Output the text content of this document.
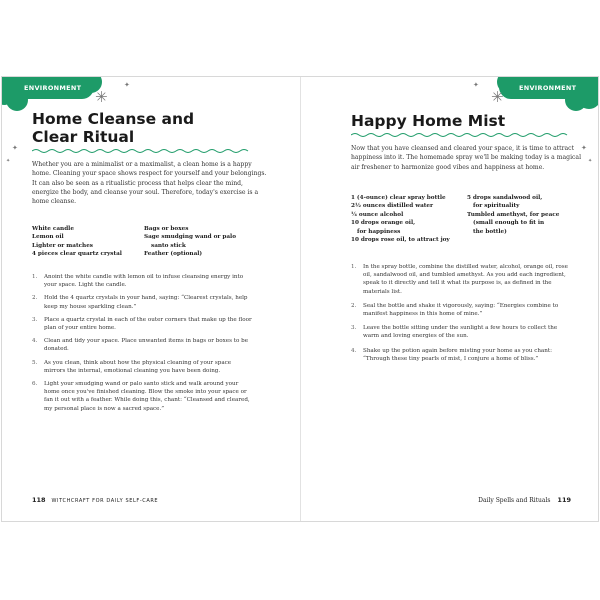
ENVIRONMENT ✳
✦
✦
✦
Home Cleanse and
Clear Ritual

Whether you are a minimalist or a maximalist, a clean home is a happy home. Cleaning your space shows respect for yourself and your belongings. It can also be seen as a ritualistic process that helps clear the mind, energize the body, and cleanse your soul. Therefore, today's exercise is a home cleanse.

White candle	Bags or boxes
Lemon oil	Sage smudging wand or palo
Lighter or matches	santo stick
4 pieces clear quartz crystal	Feather (optional)
1. Anoint the white candle with lemon oil to infuse cleansing energy into your space. Light the candle.
2. Hold the 4 quartz crystals in your hand, saying: “Clearest crystals, help keep my house sparkling clean.”
3. Place a quartz crystal in each of the outer corners that make up the floor plan of your entire home.
4. Clean and tidy your space. Place unwanted items in bags or boxes to be donated.
5. As you clean, think about how the physical cleaning of your space mirrors the internal, emotional cleaning you have been doing.
6. Light your smudging wand or palo santo stick and walk around your home once you've finished cleaning. Blow the smoke into your space or fan it out with a feather. While doing this, chant: “Cleansed and cleared, my personal place is now a sacred space.”
118 WITCHCRAFT FOR DAILY SELF-CARE
ENVIRONMENT
✳
✦
✦
✦
Happy Home Mist

Now that you have cleansed and cleared your space, it is time to attract happiness into it. The homemade spray we'll be making today is a magical air freshener to harmonize good vibes and happiness at home.

1 (4-ounce) clear spray bottle	5 drops sandalwood oil,
2½ ounces distilled water	for spirituality
¼ ounce alcohol	Tumbled amethyst, for peace
10 drops orange oil,	(small enough to fit in
for happiness	the bottle)
10 drops rose oil, to attract joy
1. In the spray bottle, combine the distilled water, alcohol, orange oil, rose oil, sandalwood oil, and tumbled amethyst. As you add each ingredient, speak to it directly and tell it what its purpose is, as defined in the materials list.
2. Seal the bottle and shake it vigorously, saying: “Energies combine to manifest happiness in this home of mine.”
3. Leave the bottle sitting under the sunlight a few hours to collect the warm and loving energies of the sun.
4. Shake up the potion again before misting your home as you chant: “Through these tiny pearls of mist, I conjure a home of bliss.”
Daily Spells and Rituals 119
